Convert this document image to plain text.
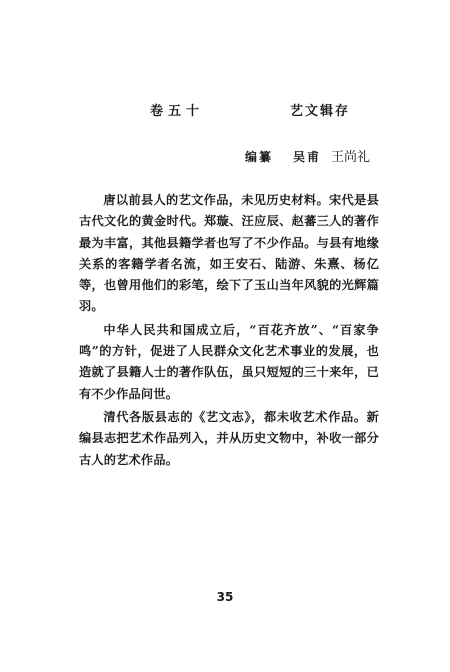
卷五十	艺文辑存
编纂 吴甫 王尚礼

唐以前县人的艺文作品，未见历史材料。宋代是县古代文化的黄金时代。郑璇、汪应辰、赵蕃三人的著作最为丰富，其他县籍学者也写了不少作品。与县有地缘关系的客籍学者名流，如王安石、陆游、朱熹、杨亿等，也曾用他们的彩笔，绘下了玉山当年风貌的光辉篇羽。

中华人民共和国成立后，“百花齐放”、“百家争鸣”的方针，促进了人民群众文化艺术事业的发展，也造就了县籍人士的著作队伍，虽只短短的三十来年，已有不少作品问世。

清代各版县志的《艺文志》，都未收艺术作品。新编县志把艺术作品列入，并从历史文物中，补收一部分古人的艺术作品。

35
